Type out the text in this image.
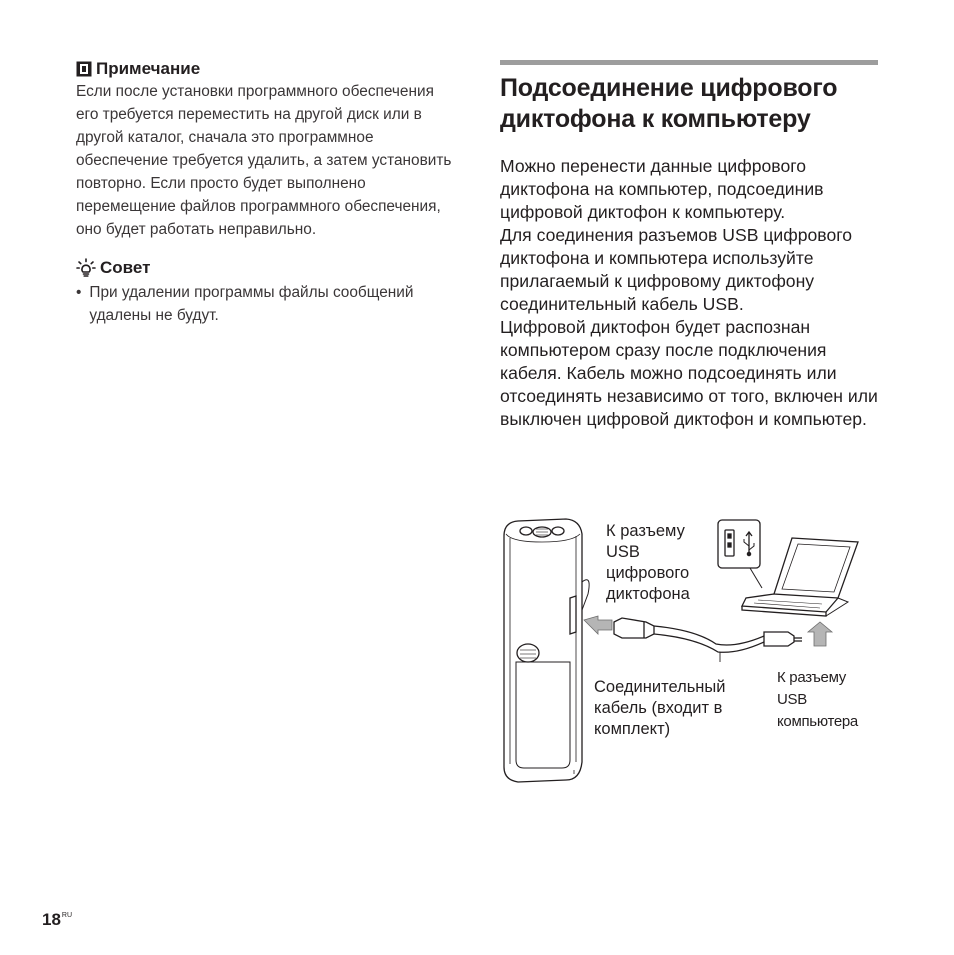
Примечание

Если после установки программного обеспечения его требуется переместить на другой диск или в другой каталог, сначала это программное обеспечение требуется удалить, а затем установить повторно. Если просто будет выполнено перемещение файлов программного обеспечения, оно будет работать неправильно.

Совет
• При удалении программы файлы сообщений удалены не будут.
Подсоединение цифрового диктофона к компьютеру

Можно перенести данные цифрового диктофона на компьютер, подсоединив цифровой диктофон к компьютеру.
Для соединения разъемов USB цифрового диктофона и компьютера используйте прилагаемый к цифровому диктофону соединительный кабель USB.
Цифровой диктофон будет распознан компьютером сразу после подключения кабеля. Кабель можно подсоединять или отсоединять независимо от того, включен или выключен цифровой диктофон и компьютер.

К разъему
USB
цифрового
диктофона
Соединительный
кабель (входит в
комплект)
К разъему
USB
компьютера
$18^{RU}$
